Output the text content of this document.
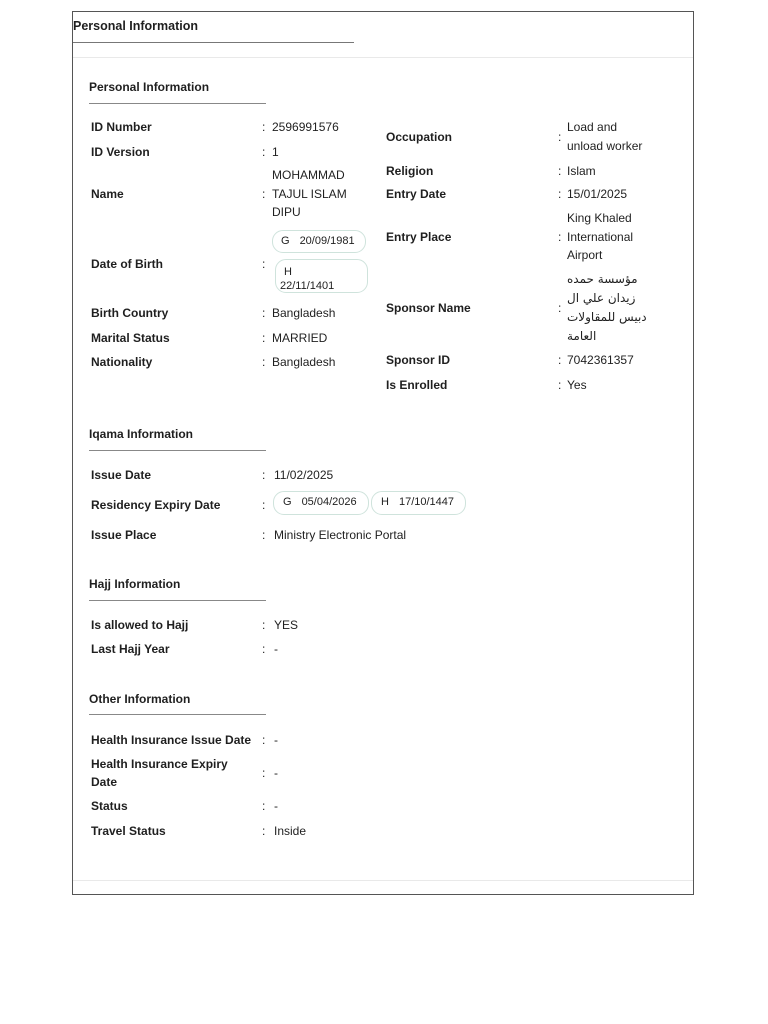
Personal Information
Personal Information
ID Number	: 2596991576
ID Version	: 1
Name	:
MOHAMMAD
TAJUL ISLAM
DIPU
Date of Birth	:
G 20/09/1981
H
22/11/1401
Birth Country	: Bangladesh
Marital Status	: MARRIED
Nationality	: Bangladesh
Occupation	:
Load and
unload worker
Religion	: Islam
Entry Date	: 15/01/2025
Entry Place	:
King Khaled
International
Airport
Sponsor Name	:
مؤسسة حمده
زيدان علي ال
دبيس للمقاولات
العامة
Sponsor ID	: 7042361357
Is Enrolled	: Yes
Iqama Information
Issue Date	: 11/02/2025
Residency Expiry Date	:	G 05/04/2026	H 17/10/1447
Issue Place	: Ministry Electronic Portal
Hajj Information
Is allowed to Hajj	: YES
Last Hajj Year	: -
Other Information
Health Insurance Issue Date : -
Health Insurance Expiry
Date
: -
Status	: -
Travel Status	: Inside
